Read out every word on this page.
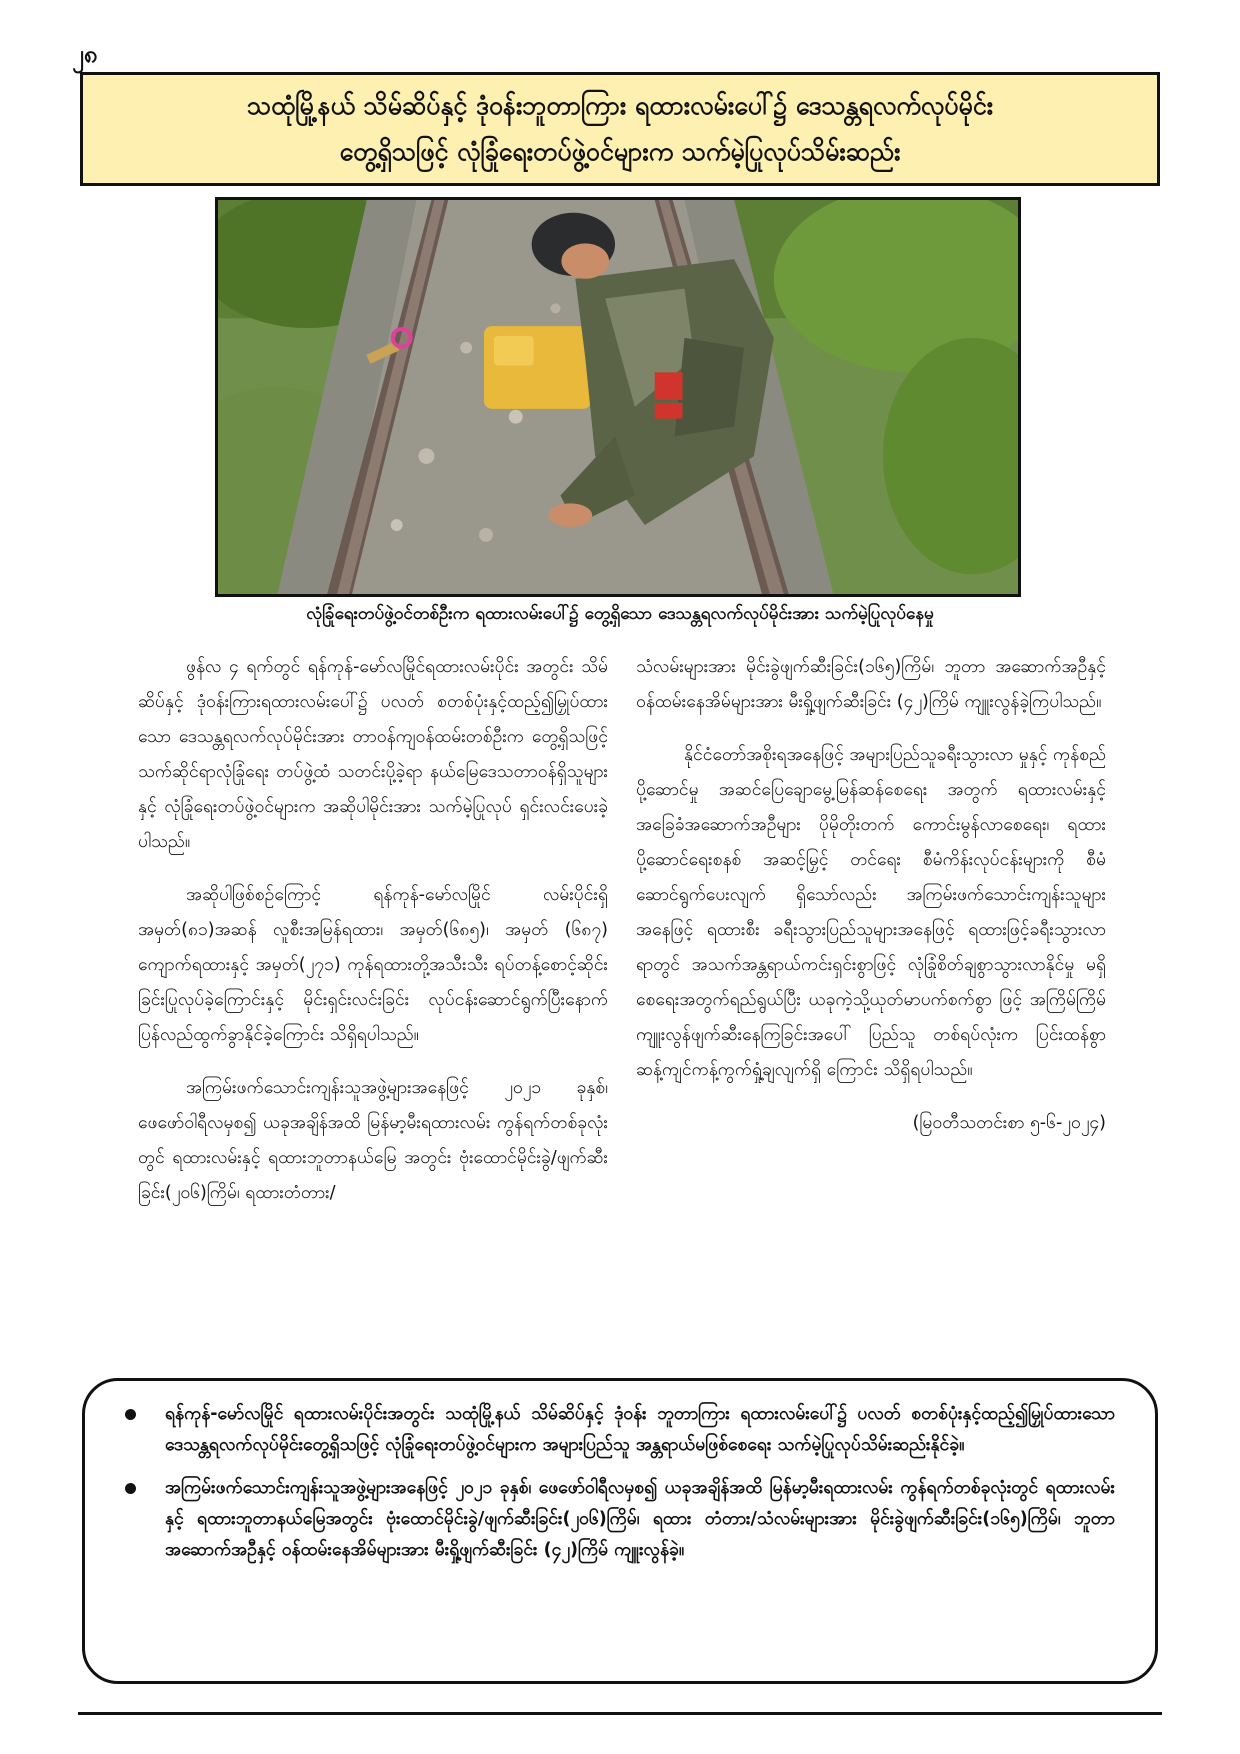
၂၈
သထုံမြို့နယ် သိမ်ဆိပ်နှင့် ဒုံ၀န်းဘူတာကြား ရထားလမ်းပေါ်၌ ဒေသန္တရလက်လုပ်မိုင်း
တွေ့ရှိသဖြင့် လုံခြုံရေးတပ်ဖွဲ့ဝင်များက သက်မဲ့ပြုလုပ်သိမ်းဆည်း
လုံခြုံရေးတပ်ဖွဲ့ဝင်တစ်ဦးက ရထားလမ်းပေါ်၌ တွေ့ရှိသော ဒေသန္တရလက်လုပ်မိုင်းအား သက်မဲ့ပြုလုပ်နေမှု

ဖွန်လ ၄ ရက်တွင် ရန်ကုန်-မော်လမြိုင်ရထားလမ်းပိုင်း အတွင်း သိမ်ဆိပ်နှင့် ဒုံ၀န်းကြားရထားလမ်းပေါ်၌ ပလတ် စတစ်ပုံးနှင့်ထည့်၍မြှုပ်ထားသော ဒေသန္တရလက်လုပ်မိုင်းအား တာဝန်ကျဝန်ထမ်းတစ်ဦးက တွေ့ရှိသဖြင့် သက်ဆိုင်ရာလုံခြုံရေး တပ်ဖွဲ့ထံ သတင်းပို့ခဲ့ရာ နယ်မြေဒေသတာဝန်ရှိသူများနှင့် လုံခြုံရေးတပ်ဖွဲ့ဝင်များက အဆိုပါမိုင်းအား သက်မဲ့ပြုလုပ် ရှင်းလင်းပေးခဲ့ပါသည်။

အဆိုပါဖြစ်စဉ်ကြောင့် ရန်ကုန်-မော်လမြိုင် လမ်းပိုင်းရှိ အမှတ်(၈၁)အဆန် လူစီးအမြန်ရထား၊ အမှတ်(၆၈၅)၊ အမှတ် (၆၈၇) ကျောက်ရထားနှင့် အမှတ်(၂၇၁) ကုန်ရထားတို့အသီးသီး ရပ်တန့်စောင့်ဆိုင်းခြင်းပြုလုပ်ခဲ့ကြောင်းနှင့် မိုင်းရှင်းလင်းခြင်း လုပ်ငန်းဆောင်ရွက်ပြီးနောက် ပြန်လည်ထွက်ခွာနိုင်ခဲ့ကြောင်း သိရှိရပါသည်။

အကြမ်းဖက်သောင်းကျန်းသူအဖွဲ့များအနေဖြင့် ၂၀၂၁ ခုနှစ်၊ ဖေဖော်ဝါရီလမှစ၍ ယခုအချိန်အထိ မြန်မာ့မီးရထားလမ်း ကွန်ရက်တစ်ခုလုံးတွင် ရထားလမ်းနှင့် ရထားဘူတာနယ်မြေ အတွင်း ဗုံးထောင်မိုင်းခွဲ/ဖျက်ဆီးခြင်း(၂၀၆)ကြိမ်၊ ရထားတံတား/

သံလမ်းများအား မိုင်းခွဲဖျက်ဆီးခြင်း(၁၆၅)ကြိမ်၊ ဘူတာ အဆောက်အဦနှင့် ဝန်ထမ်းနေအိမ်များအား မီးရှို့ဖျက်ဆီးခြင်း (၄၂)ကြိမ် ကျူးလွန်ခဲ့ကြပါသည်။

နိုင်ငံတော်အစိုးရအနေဖြင့် အများပြည်သူခရီးသွားလာ မှုနှင့် ကုန်စည်ပို့ဆောင်မှု အဆင်ပြေချောမွေ့မြန်ဆန်စေရေး အတွက် ရထားလမ်းနှင့်အခြေခံအဆောက်အဦများ ပိုမိုတိုးတက် ကောင်းမွန်လာစေရေး၊ ရထားပို့ဆောင်ရေးစနစ် အဆင့်မြှင့် တင်ရေး စီမံကိန်းလုပ်ငန်းများကို စီမံဆောင်ရွက်ပေးလျက် ရှိသော်လည်း အကြမ်းဖက်သောင်းကျန်းသူများအနေဖြင့် ရထားစီး ခရီးသွားပြည်သူများအနေဖြင့် ရထားဖြင့်ခရီးသွားလာရာတွင် အသက်အန္တရာယ်ကင်းရှင်းစွာဖြင့် လုံခြုံစိတ်ချစွာသွားလာနိုင်မှု မရှိစေရေးအတွက်ရည်ရွယ်ပြီး ယခုကဲ့သို့ယုတ်မာပက်စက်စွာ ဖြင့် အကြိမ်ကြိမ်ကျူးလွန်ဖျက်ဆီးနေကြခြင်းအပေါ် ပြည်သူ တစ်ရပ်လုံးက ပြင်းထန်စွာဆန့်ကျင်ကန့်ကွက်ရှုံ့ချလျက်ရှိ ကြောင်း သိရှိရပါသည်။

(မြဝတီသတင်းစာ ၅-၆-၂၀၂၄)
ရန်ကုန်-မော်လမြိုင် ရထားလမ်းပိုင်းအတွင်း သထုံမြို့နယ် သိမ်ဆိပ်နှင့် ဒုံ၀န်း ဘူတာကြား ရထားလမ်းပေါ်၌ ပလတ် စတစ်ပုံးနှင့်ထည့်၍မြှုပ်ထားသော ဒေသန္တရလက်လုပ်မိုင်းတွေ့ရှိသဖြင့် လုံခြုံရေးတပ်ဖွဲ့ဝင်များက အများပြည်သူ အန္တရာယ်မဖြစ်စေရေး သက်မဲ့ပြုလုပ်သိမ်းဆည်းနိုင်ခဲ့။
အကြမ်းဖက်သောင်းကျန်းသူအဖွဲ့များအနေဖြင့် ၂၀၂၁ ခုနှစ်၊ ဖေဖော်ဝါရီလမှစ၍ ယခုအချိန်အထိ မြန်မာ့မီးရထားလမ်း ကွန်ရက်တစ်ခုလုံးတွင် ရထားလမ်းနှင့် ရထားဘူတာနယ်မြေအတွင်း ဗုံးထောင်မိုင်းခွဲ/ဖျက်ဆီးခြင်း(၂၀၆)ကြိမ်၊ ရထား တံတား/သံလမ်းများအား မိုင်းခွဲဖျက်ဆီးခြင်း(၁၆၅)ကြိမ်၊ ဘူတာအဆောက်အဦနှင့် ဝန်ထမ်းနေအိမ်များအား မီးရှို့ဖျက်ဆီးခြင်း (၄၂)ကြိမ် ကျူးလွန်ခဲ့။
